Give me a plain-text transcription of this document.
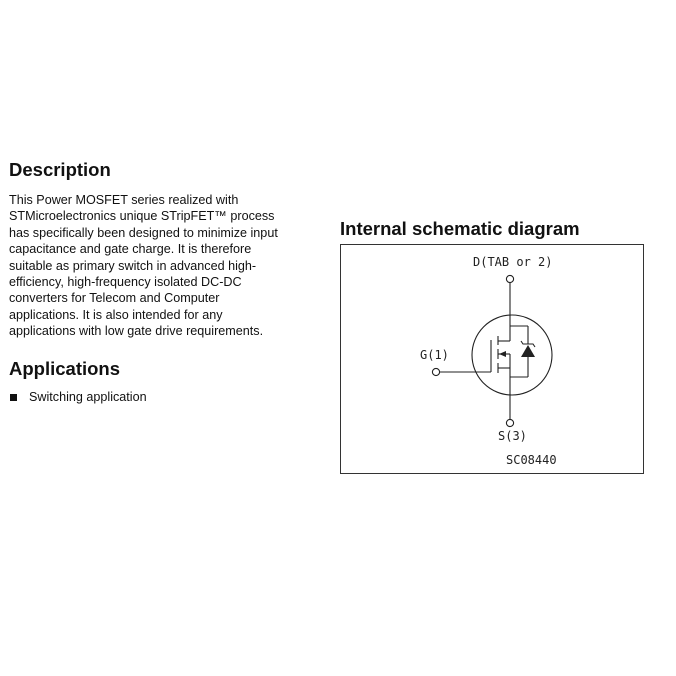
Description

This Power MOSFET series realized with
STMicroelectronics unique STripFET™ process
has specifically been designed to minimize input
capacitance and gate charge. It is therefore
suitable as primary switch in advanced high-
efficiency, high-frequency isolated DC-DC
converters for Telecom and Computer
applications. It is also intended for any
applications with low gate drive requirements.

Applications
Switching application
Internal schematic diagram
D(TAB or 2)
G(1)
S(3)
SC08440
